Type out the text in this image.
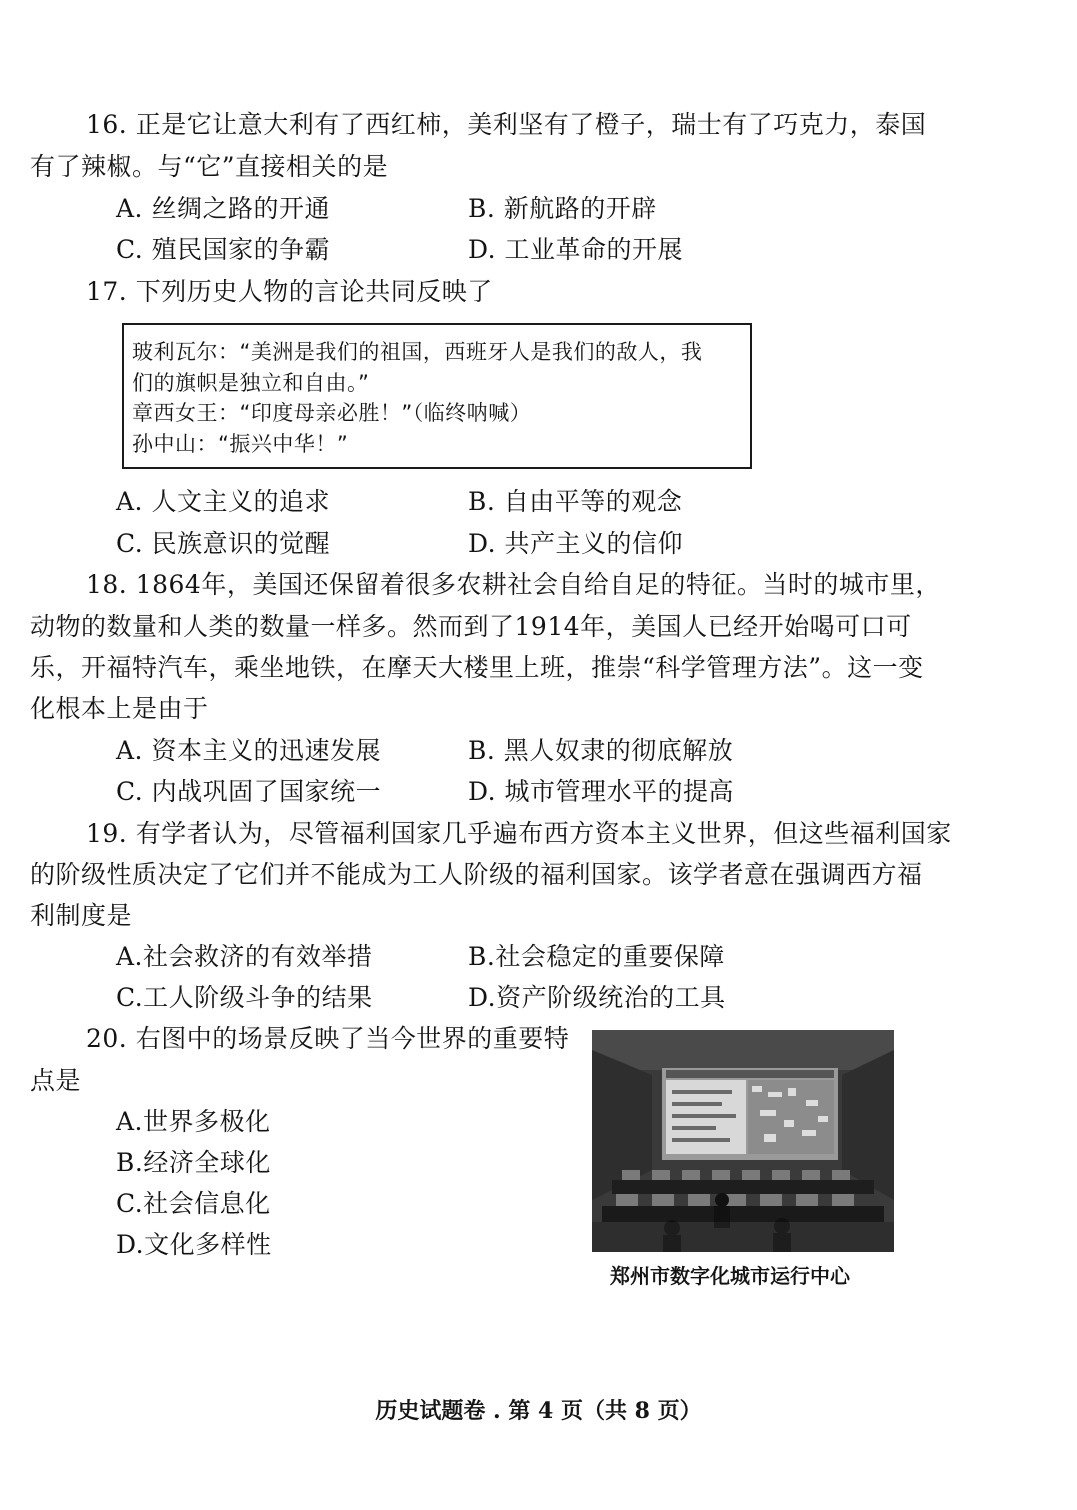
16. 正是它让意大利有了西红柿，美利坚有了橙子，瑞士有了巧克力，泰国
有了辣椒。与“它”直接相关的是
A. 丝绸之路的开通	B. 新航路的开辟
C. 殖民国家的争霸	D. 工业革命的开展
17. 下列历史人物的言论共同反映了
玻利瓦尔：“美洲是我们的祖国，西班牙人是我们的敌人，我
们的旗帜是独立和自由。”
章西女王：“印度母亲必胜！”（临终呐喊）
孙中山：“振兴中华！”
A. 人文主义的追求	B. 自由平等的观念
C. 民族意识的觉醒	D. 共产主义的信仰
18. 1864年，美国还保留着很多农耕社会自给自足的特征。当时的城市里，
动物的数量和人类的数量一样多。然而到了1914年，美国人已经开始喝可口可
乐，开福特汽车，乘坐地铁，在摩天大楼里上班，推崇“科学管理方法”。这一变
化根本上是由于
A. 资本主义的迅速发展	B. 黑人奴隶的彻底解放
C. 内战巩固了国家统一	D. 城市管理水平的提高
19. 有学者认为，尽管福利国家几乎遍布西方资本主义世界，但这些福利国家
的阶级性质决定了它们并不能成为工人阶级的福利国家。该学者意在强调西方福
利制度是
A.社会救济的有效举措	B.社会稳定的重要保障
C.工人阶级斗争的结果	D.资产阶级统治的工具
20. 右图中的场景反映了当今世界的重要特
点是
A.世界多极化
B.经济全球化
C.社会信息化
D.文化多样性
郑州市数字化城市运行中心
历史试题卷 . 第 4 页（共 8 页）
